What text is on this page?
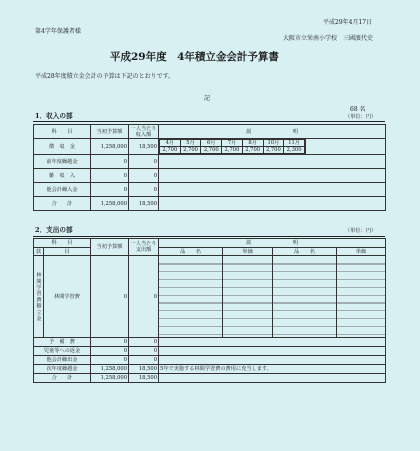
平成29年4月17日
第4学年保護者様
大阪市立栄南小学校　三國濱代史
平成29年度　4年積立金会計予算書
平成28年度積立金会計の予算は下記のとおりです。
記
68 名
1．収入の部	（単位：円）
科　　目	当初予算額	一人当たり
収入額	説　　　　　　　　明
徴　収　金	1,258,000	18,500	
4月	5月	6月	7月	8月	10月	11月
2,700	2,700	2,700	2,700	2,700	2,700	2,300

前年度繰越金	0	0	
雑　収　入	0	0	
他会計繰入金	0	0	
合　　計	1,258,000	18,500	
2．支出の部	（単位：円）
科　　目		当初予算額	一人当たり
支出額	説　　　　　　　　明			
款	目			品　　名	単価	品　　名	単価

林間学習費積立金	林間学習費	0	0				
予　備　費		0	0				
児童等への返金		0	0				
他会計繰出金		0	0				
次年度繰越金		1,258,000	18,500	5年で実施する林間学習費の費用に充当します。			
合　　計		1,258,000	18,500				
